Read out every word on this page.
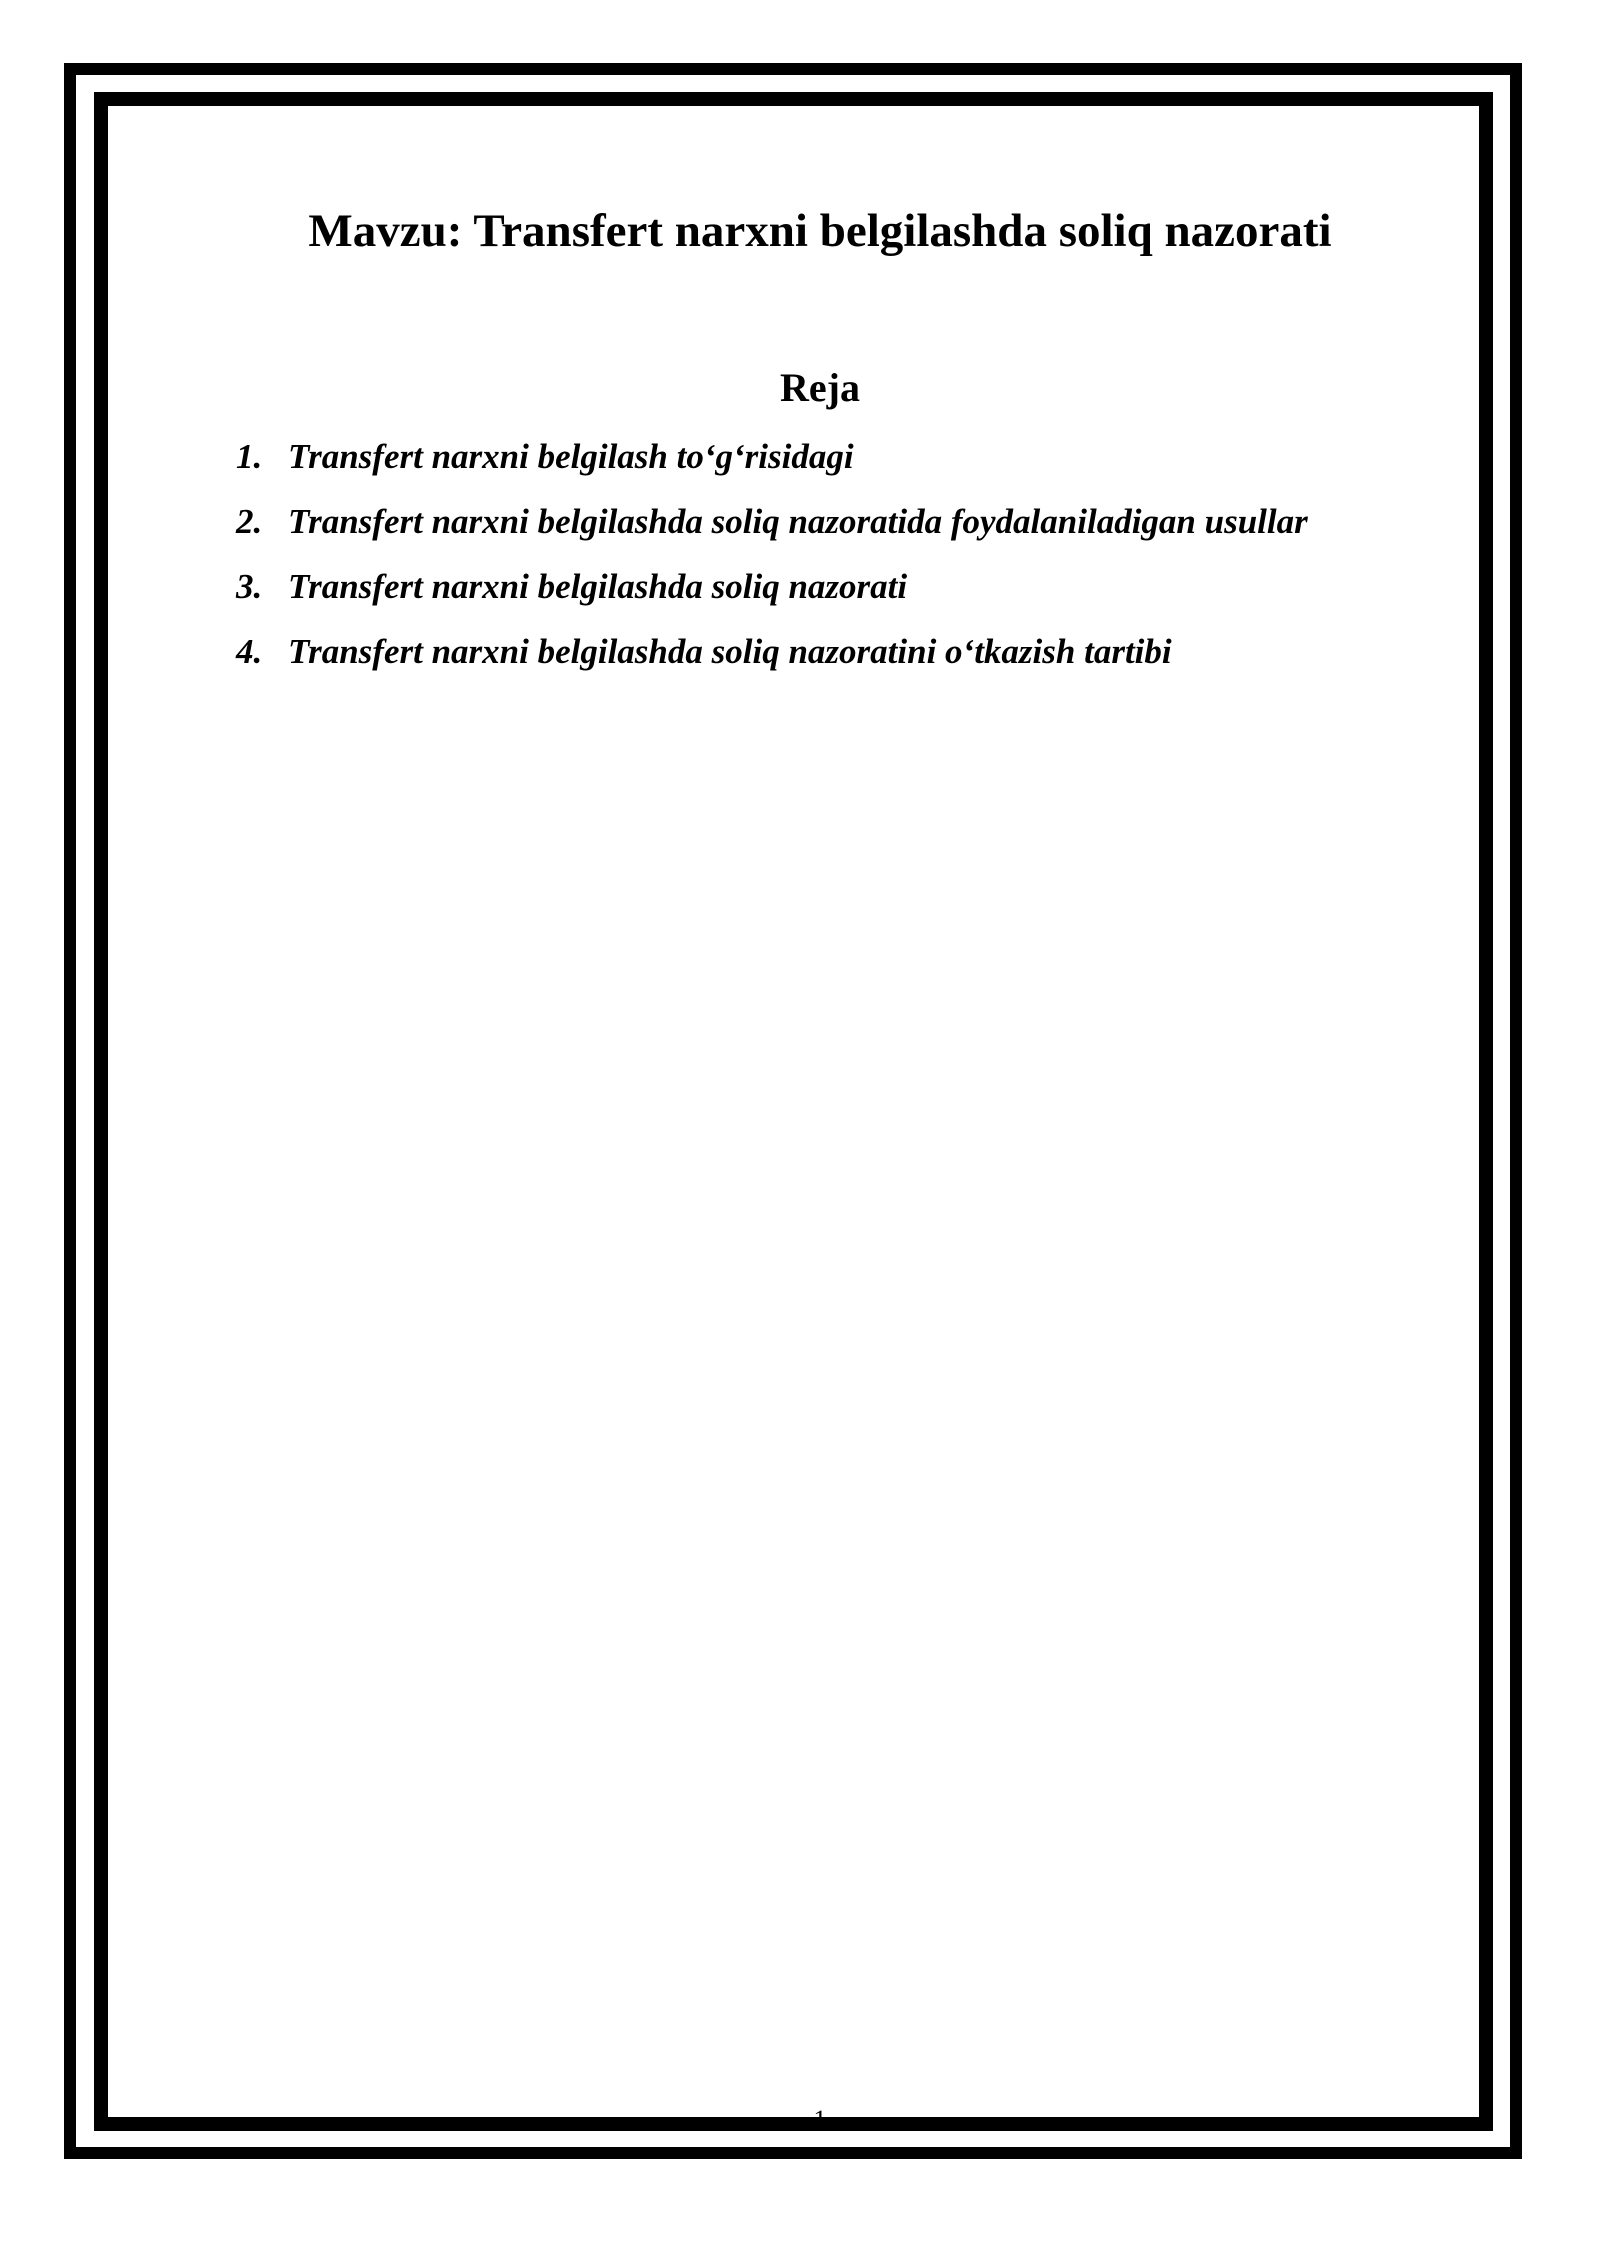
Mavzu: Transfert narxni belgilashda soliq nazorati
Reja
1. Transfert narxni belgilash to‘g‘risidagi
2. Transfert narxni belgilashda soliq nazoratida foydalaniladigan usullar
3. Transfert narxni belgilashda soliq nazorati
4. Transfert narxni belgilashda soliq nazoratini o‘tkazish tartibi
1
